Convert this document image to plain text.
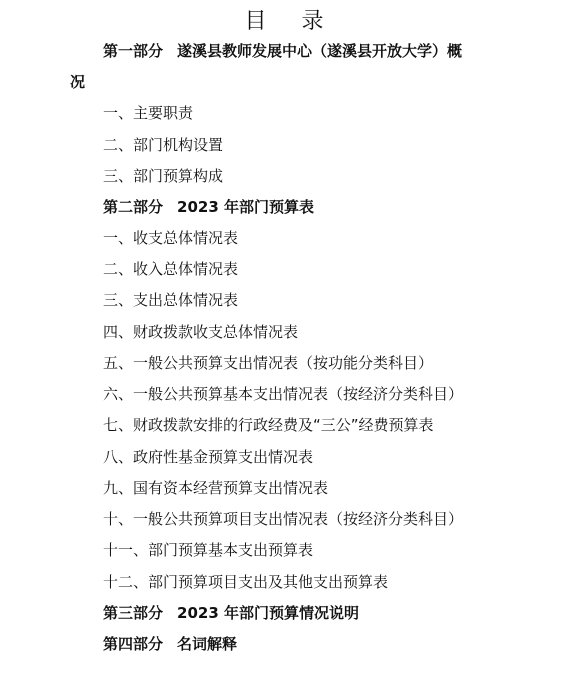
目 录
第一部分 遂溪县教师发展中心（遂溪县开放大学）概
况
一、主要职责
二、部门机构设置
三、部门预算构成
第二部分 2023 年部门预算表
一、收支总体情况表
二、收入总体情况表
三、支出总体情况表
四、财政拨款收支总体情况表
五、一般公共预算支出情况表（按功能分类科目）
六、一般公共预算基本支出情况表（按经济分类科目）
七、财政拨款安排的行政经费及“三公”经费预算表
八、政府性基金预算支出情况表
九、国有资本经营预算支出情况表
十、一般公共预算项目支出情况表（按经济分类科目）
十一、部门预算基本支出预算表
十二、部门预算项目支出及其他支出预算表
第三部分 2023 年部门预算情况说明
第四部分 名词解释
